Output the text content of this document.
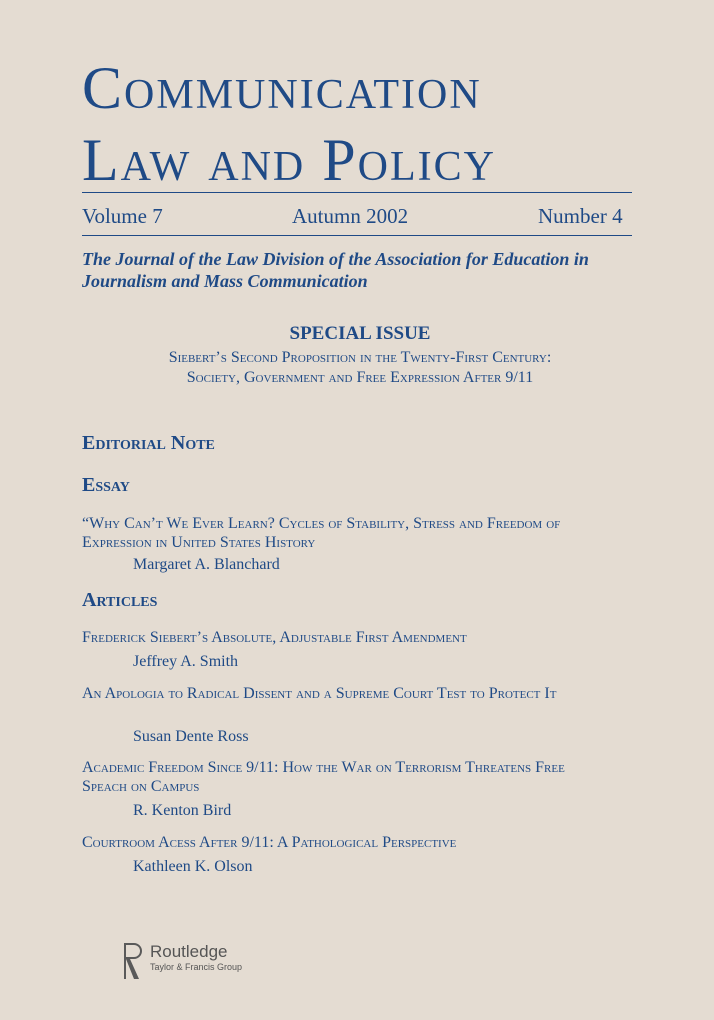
Communication
Law and Policy
Volume 7	Autumn 2002	Number 4
The Journal of the Law Division of the Association for Education in Journalism and Mass Communication
SPECIAL ISSUE
Siebert’s Second Proposition in the Twenty-First Century:
Society, Government and Free Expression After 9/11
Editorial Note
Essay
“Why Can’t We Ever Learn? Cycles of Stability, Stress and Freedom of Expression in United States History
Margaret A. Blanchard
Articles
Frederick Siebert’s Absolute, Adjustable First Amendment
Jeffrey A. Smith
An Apologia to Radical Dissent and a Supreme Court Test to Protect It
Susan Dente Ross
Academic Freedom Since 9/11: How the War on Terrorism Threatens Free Speach on Campus
R. Kenton Bird
Courtroom Acess After 9/11: A Pathological Perspective
Kathleen K. Olson
Routledge
Taylor & Francis Group
